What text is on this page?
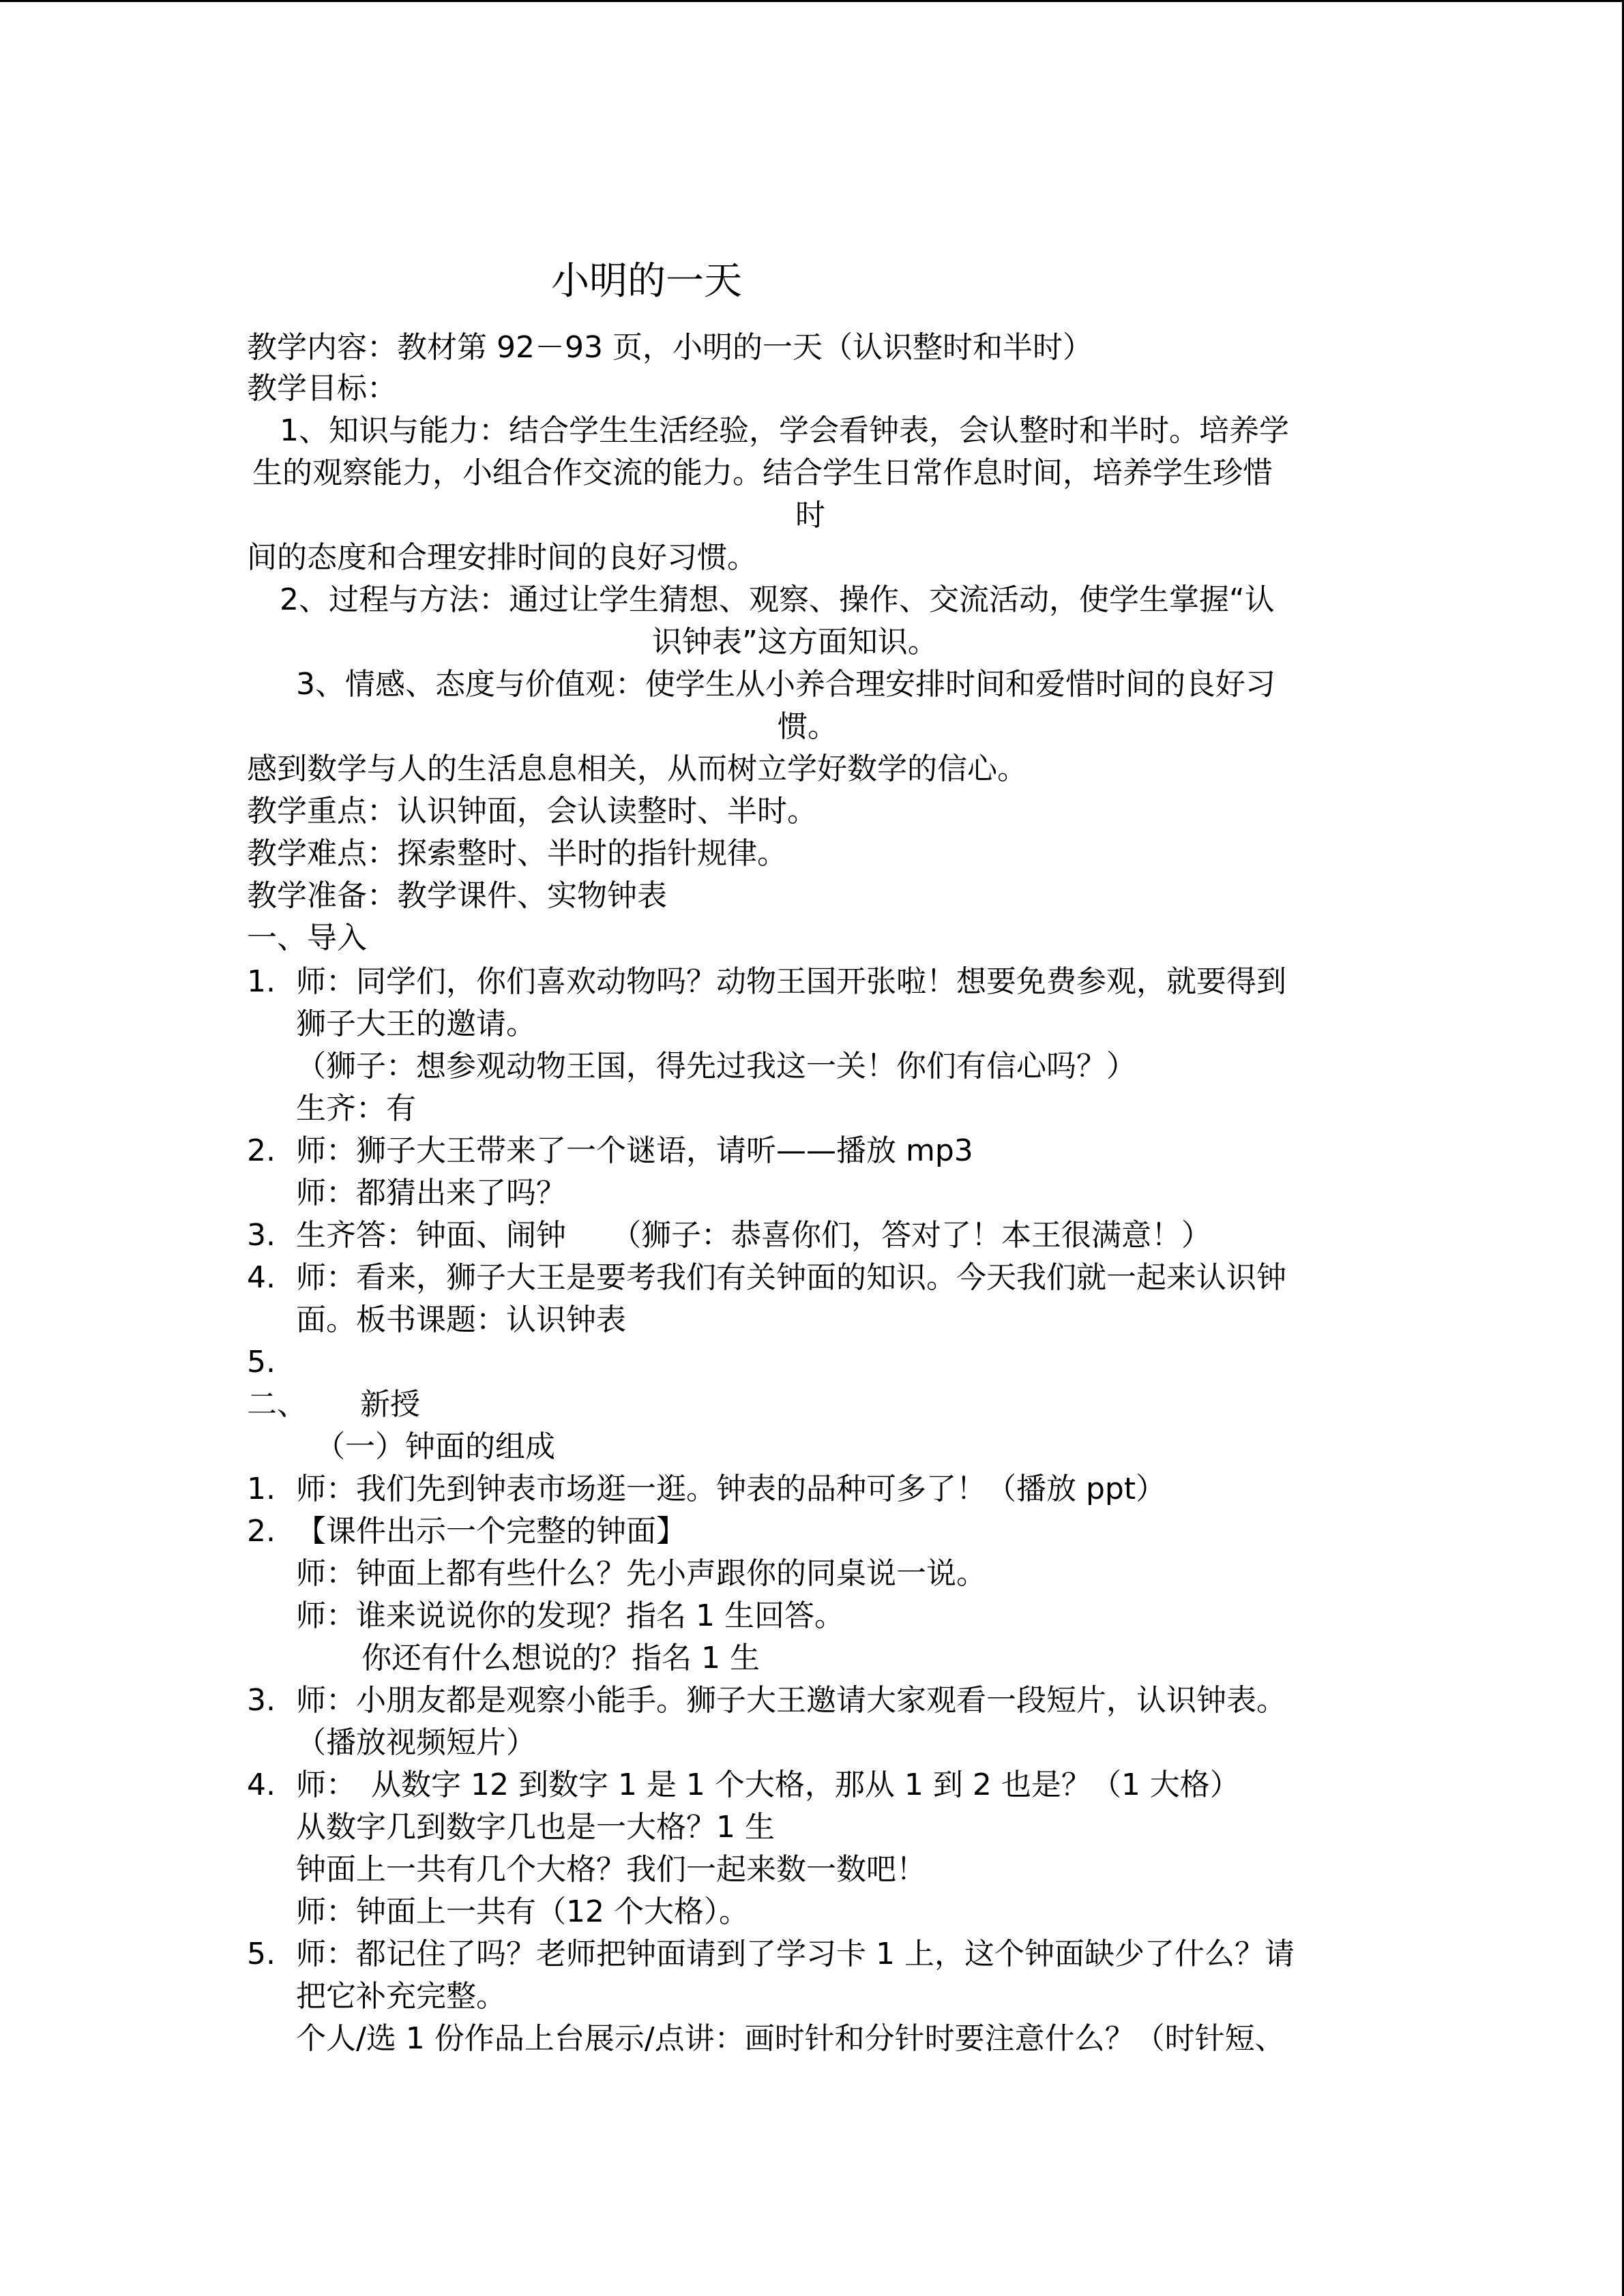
小明的一天
教学内容：教材第 92－93 页，小明的一天（认识整时和半时）
教学目标：
1、知识与能力：结合学生生活经验，学会看钟表，会认整时和半时。培养学
生的观察能力，小组合作交流的能力。结合学生日常作息时间，培养学生珍惜
时
间的态度和合理安排时间的良好习惯。
2、过程与方法：通过让学生猜想、观察、操作、交流活动，使学生掌握“认
识钟表”这方面知识。
3、情感、态度与价值观：使学生从小养合理安排时间和爱惜时间的良好习
惯。
感到数学与人的生活息息相关，从而树立学好数学的信心。
教学重点：认识钟面，会认读整时、半时。
教学难点：探索整时、半时的指针规律。
教学准备：教学课件、实物钟表
一、导入
1. 师：同学们，你们喜欢动物吗？动物王国开张啦！想要免费参观，就要得到
狮子大王的邀请。
（狮子：想参观动物王国，得先过我这一关！你们有信心吗？）
生齐：有
2. 师：狮子大王带来了一个谜语，请听——播放 mp3
师：都猜出来了吗？
3. 生齐答：钟面、闹钟　　（狮子：恭喜你们，答对了！本王很满意！）
4. 师：看来，狮子大王是要考我们有关钟面的知识。今天我们就一起来认识钟
面。板书课题：认识钟表
5.
二、 新授
（一）钟面的组成
1. 师：我们先到钟表市场逛一逛。钟表的品种可多了！（播放 ppt）
2. 【课件出示一个完整的钟面】
师：钟面上都有些什么？先小声跟你的同桌说一说。
师：谁来说说你的发现？指名 1 生回答。
你还有什么想说的？指名 1 生
3. 师：小朋友都是观察小能手。狮子大王邀请大家观看一段短片，认识钟表。
（播放视频短片）
4. 师：　从数字 12 到数字 1 是 1 个大格，那从 1 到 2 也是？（1 大格）
从数字几到数字几也是一大格？1 生
钟面上一共有几个大格？我们一起来数一数吧！
师：钟面上一共有（12 个大格）。
5. 师：都记住了吗？老师把钟面请到了学习卡 1 上，这个钟面缺少了什么？请
把它补充完整。
个人/选 1 份作品上台展示/点讲：画时针和分针时要注意什么？（时针短、
